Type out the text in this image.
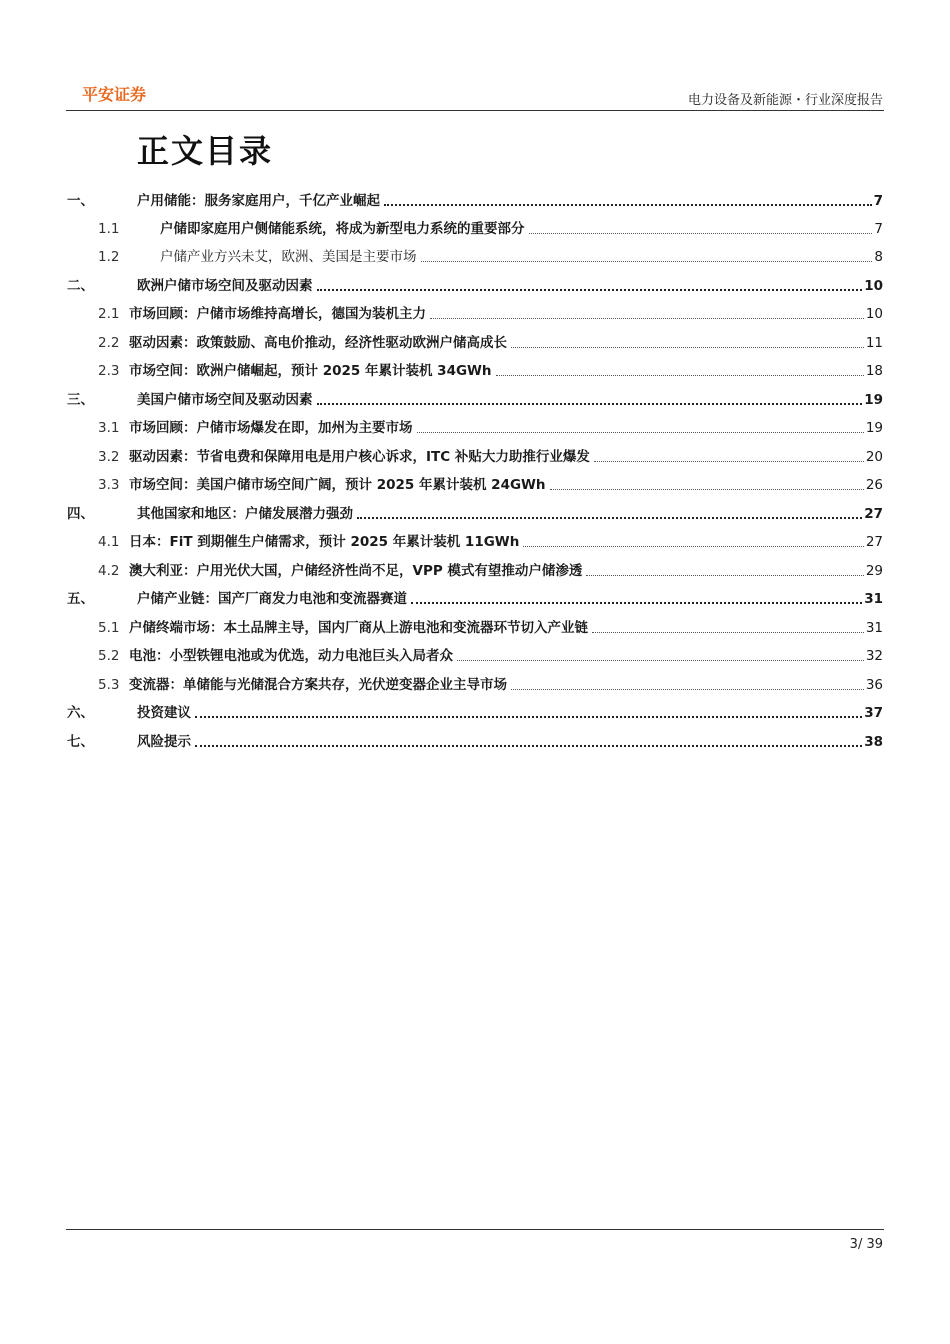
平安证券	电力设备及新能源・行业深度报告
正文目录
一、	户用储能：服务家庭用户，千亿产业崛起	7
1.1	户储即家庭用户侧储能系统，将成为新型电力系统的重要部分	7
1.2	户储产业方兴未艾，欧洲、美国是主要市场	8
二、	欧洲户储市场空间及驱动因素	10
2.1 市场回顾：户储市场维持高增长，德国为装机主力	10
2.2 驱动因素：政策鼓励、高电价推动，经济性驱动欧洲户储高成长	11
2.3 市场空间：欧洲户储崛起，预计 2025 年累计装机 34GWh	18
三、	美国户储市场空间及驱动因素	19
3.1 市场回顾：户储市场爆发在即，加州为主要市场	19
3.2 驱动因素：节省电费和保障用电是用户核心诉求，ITC 补贴大力助推行业爆发	20
3.3 市场空间：美国户储市场空间广阔，预计 2025 年累计装机 24GWh	26
四、	其他国家和地区：户储发展潜力强劲	27
4.1 日本：FiT 到期催生户储需求，预计 2025 年累计装机 11GWh	27
4.2 澳大利亚：户用光伏大国，户储经济性尚不足，VPP 模式有望推动户储渗透	29
五、	户储产业链：国产厂商发力电池和变流器赛道	31
5.1 户储终端市场：本土品牌主导，国内厂商从上游电池和变流器环节切入产业链	31
5.2 电池：小型铁锂电池或为优选，动力电池巨头入局者众	32
5.3 变流器：单储能与光储混合方案共存，光伏逆变器企业主导市场	36
六、	投资建议	37
七、	风险提示	38
3/ 39
